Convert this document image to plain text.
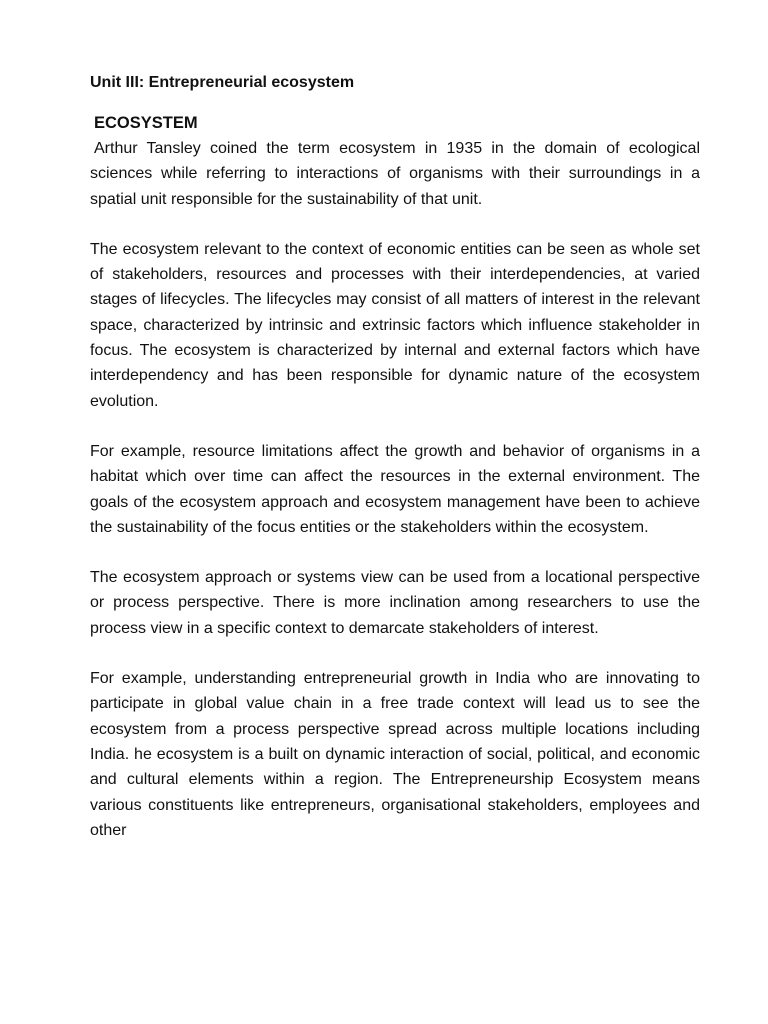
Unit III: Entrepreneurial ecosystem
ECOSYSTEM

Arthur Tansley coined the term ecosystem in 1935 in the domain of ecological sciences while referring to interactions of organisms with their surroundings in a spatial unit responsible for the sustainability of that unit.

The ecosystem relevant to the context of economic entities can be seen as whole set of stakeholders, resources and processes with their interdependencies, at varied stages of lifecycles. The lifecycles may consist of all matters of interest in the relevant space, characterized by intrinsic and extrinsic factors which influence stakeholder in focus. The ecosystem is characterized by internal and external factors which have interdependency and has been responsible for dynamic nature of the ecosystem evolution.

For example, resource limitations affect the growth and behavior of organisms in a habitat which over time can affect the resources in the external environment. The goals of the ecosystem approach and ecosystem management have been to achieve the sustainability of the focus entities or the stakeholders within the ecosystem.

The ecosystem approach or systems view can be used from a locational perspective or process perspective. There is more inclination among researchers to use the process view in a specific context to demarcate stakeholders of interest.

For example, understanding entrepreneurial growth in India who are innovating to participate in global value chain in a free trade context will lead us to see the ecosystem from a process perspective spread across multiple locations including India. he ecosystem is a built on dynamic interaction of social, political, and economic and cultural elements within a region. The Entrepreneurship Ecosystem means various constituents like entrepreneurs, organisational stakeholders, employees and other
